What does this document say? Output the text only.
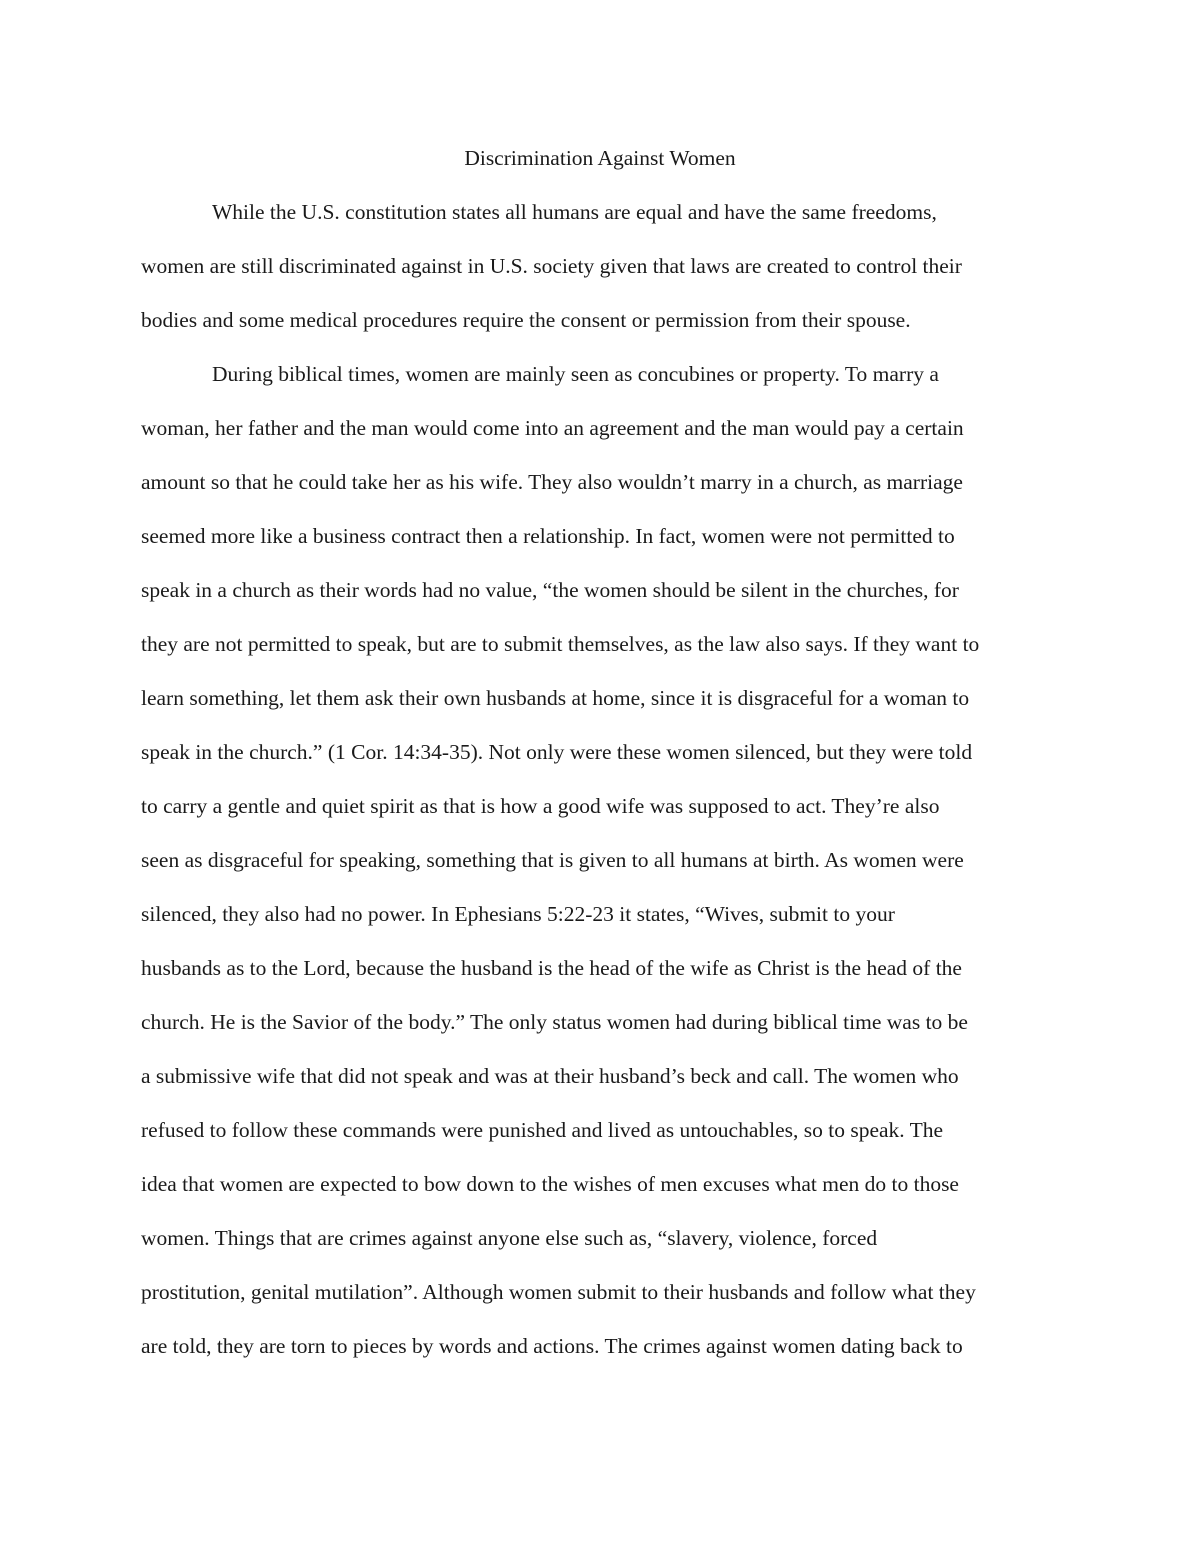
Discrimination Against Women

While the U.S. constitution states all humans are equal and have the same freedoms,

women are still discriminated against in U.S. society given that laws are created to control their

bodies and some medical procedures require the consent or permission from their spouse.

During biblical times, women are mainly seen as concubines or property. To marry a

woman, her father and the man would come into an agreement and the man would pay a certain

amount so that he could take her as his wife. They also wouldn’t marry in a church, as marriage

seemed more like a business contract then a relationship. In fact, women were not permitted to

speak in a church as their words had no value, “the women should be silent in the churches, for

they are not permitted to speak, but are to submit themselves, as the law also says. If they want to

learn something, let them ask their own husbands at home, since it is disgraceful for a woman to

speak in the church.” (1 Cor. 14:34-35). Not only were these women silenced, but they were told

to carry a gentle and quiet spirit as that is how a good wife was supposed to act. They’re also

seen as disgraceful for speaking, something that is given to all humans at birth. As women were

silenced, they also had no power. In Ephesians 5:22-23 it states, “Wives, submit to your

husbands as to the Lord, because the husband is the head of the wife as Christ is the head of the

church. He is the Savior of the body.” The only status women had during biblical time was to be

a submissive wife that did not speak and was at their husband’s beck and call. The women who

refused to follow these commands were punished and lived as untouchables, so to speak. The

idea that women are expected to bow down to the wishes of men excuses what men do to those

women. Things that are crimes against anyone else such as, “slavery, violence, forced

prostitution, genital mutilation”. Although women submit to their husbands and follow what they

are told, they are torn to pieces by words and actions. The crimes against women dating back to
